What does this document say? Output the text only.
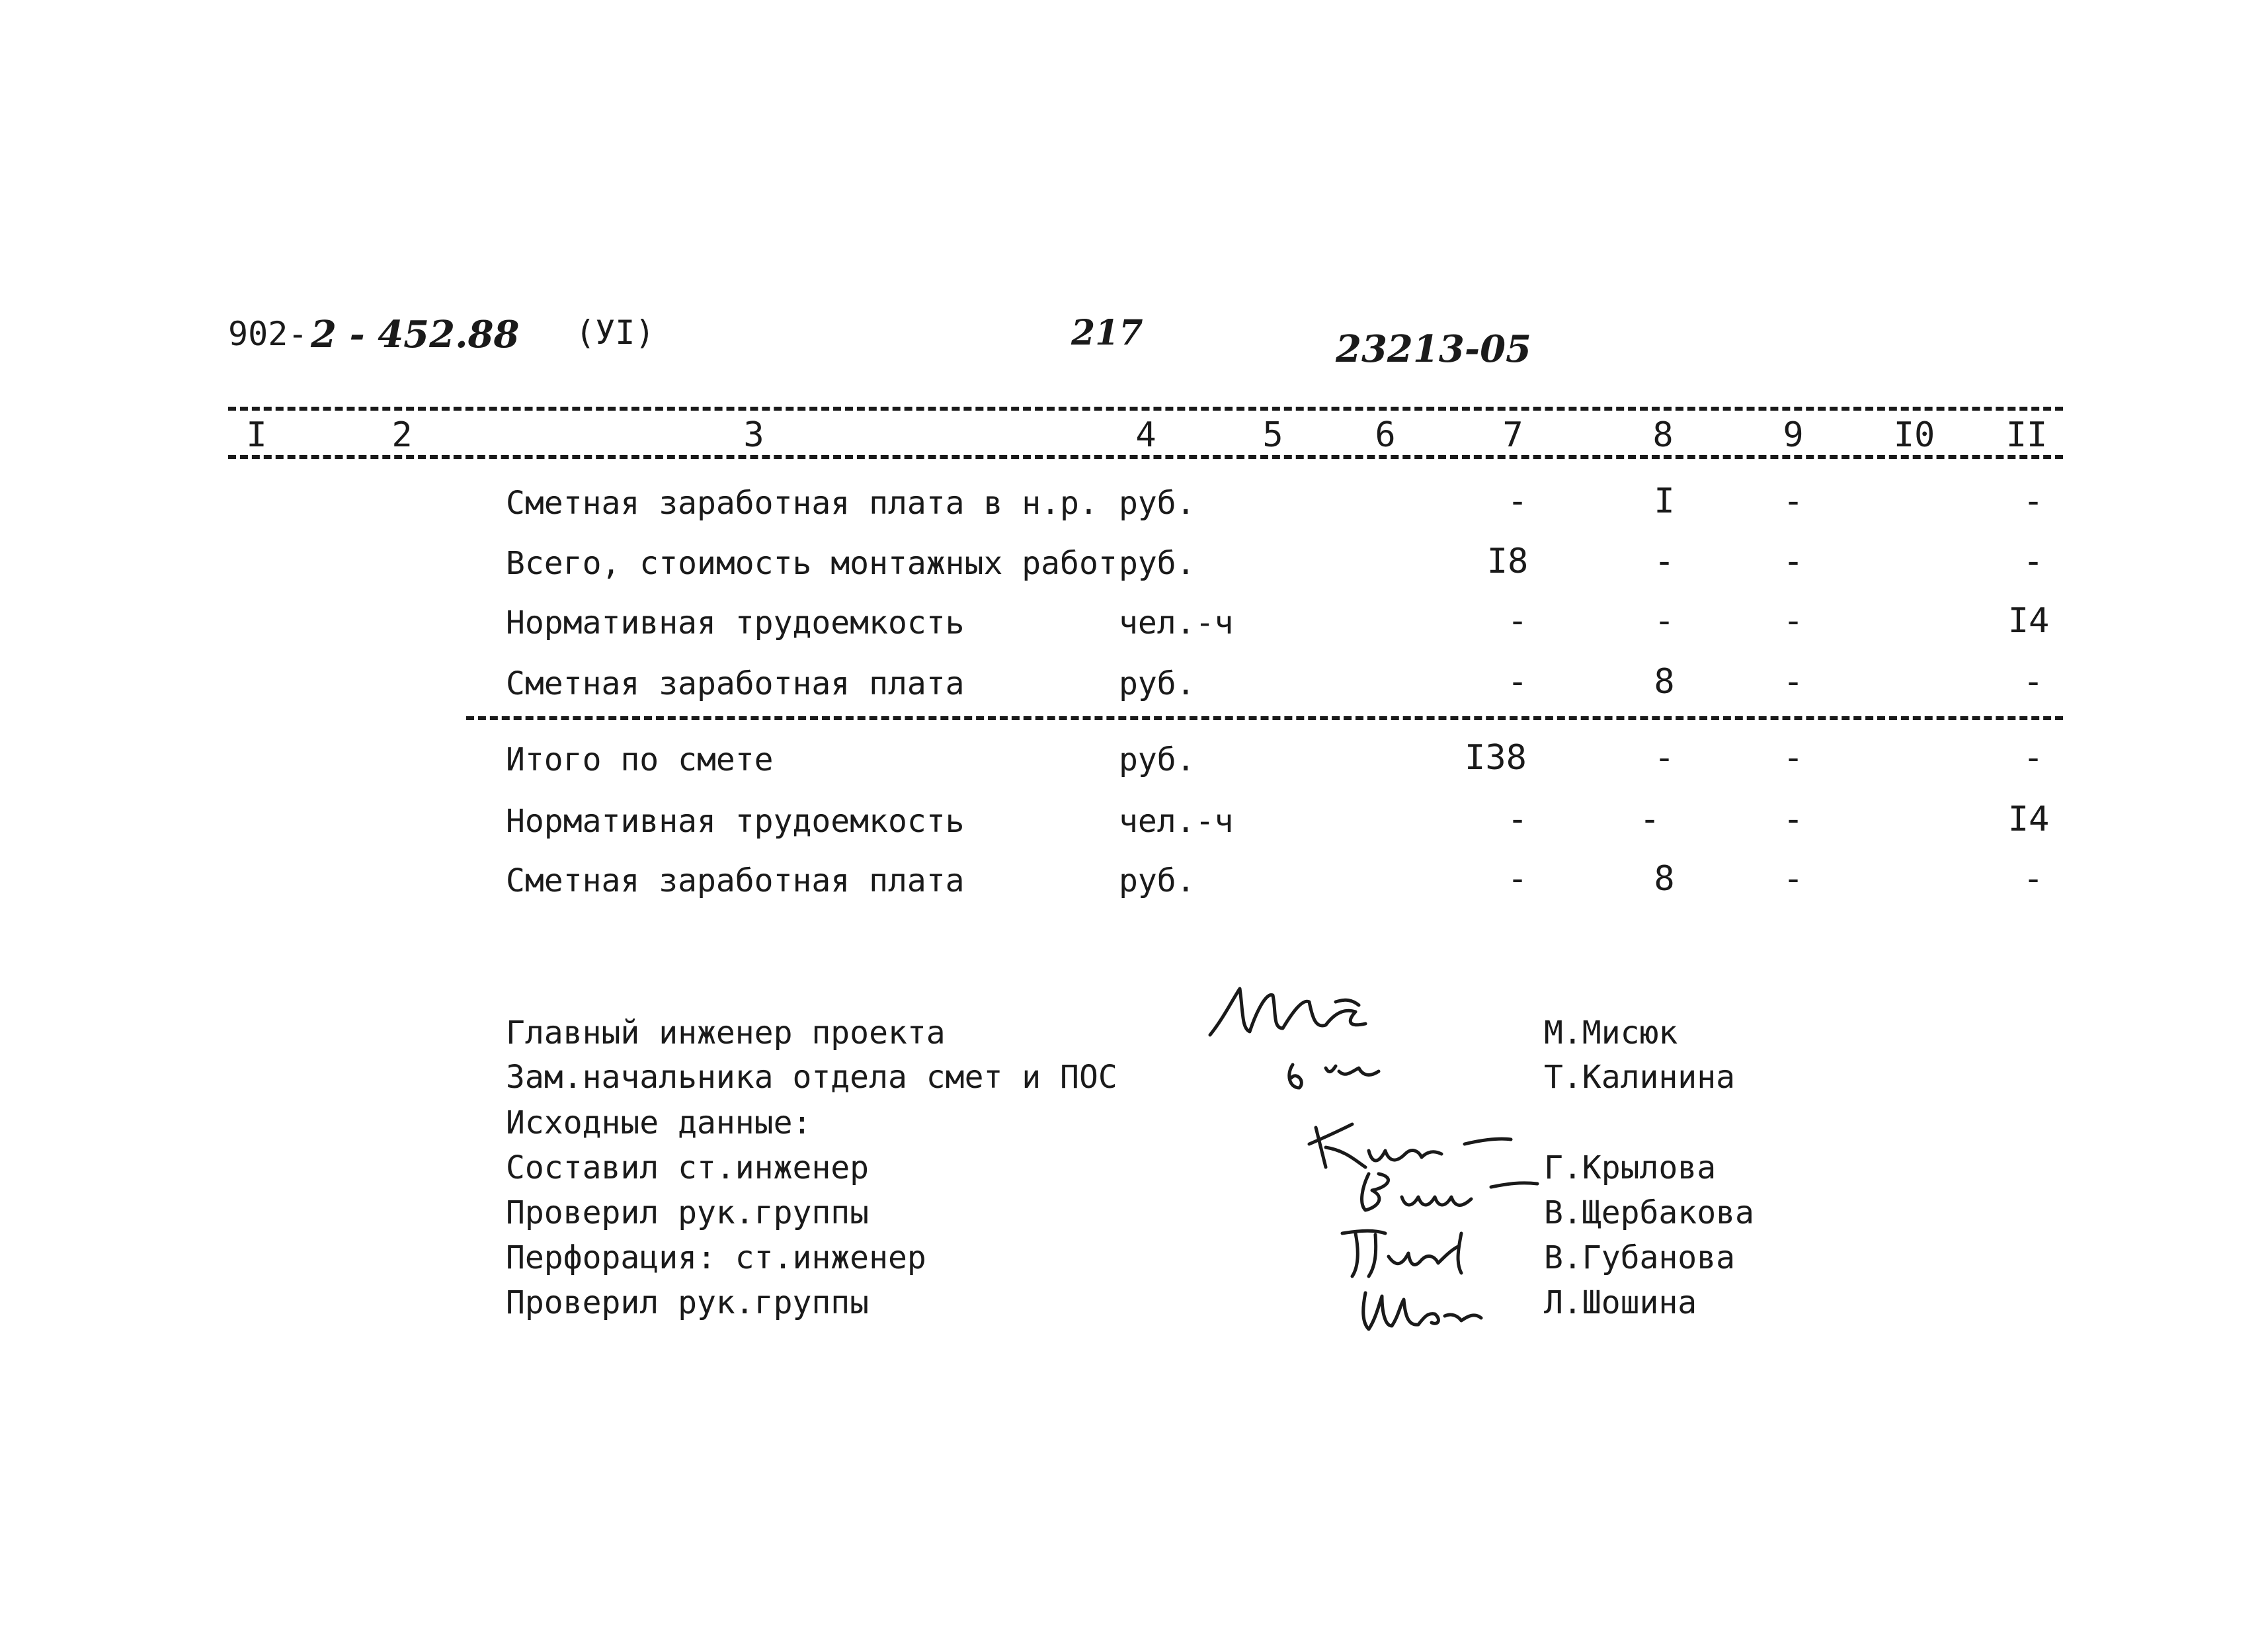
902- 2 - 452.88 (УI)	217	23213-05
I	2	3	4	5	6	7	8	9	I0 II
Сметная заработная плата в н.р. руб.	-	I	-	-
Всего, стоимость монтажных работ руб.	I8	-	-	-
Нормативная трудоемкость	чел.-ч	-	-	-	I4
Сметная заработная плата	руб.	-	8	-	-
Итого по смете	руб.	I38	-	-	-
Нормативная трудоемкость	чел.-ч	-	-	-	I4
Сметная заработная плата	руб.	-	8	-	-
Главный инженер проекта	М.Мисюк
Зам.начальника отдела смет и ПОС	Т.Калинина
Исходные данные:
Составил ст.инженер	Г.Крылова
Проверил рук.группы	В.Щербакова
Перфорация: ст.инженер	В.Губанова
Проверил рук.группы	Л.Шошина
